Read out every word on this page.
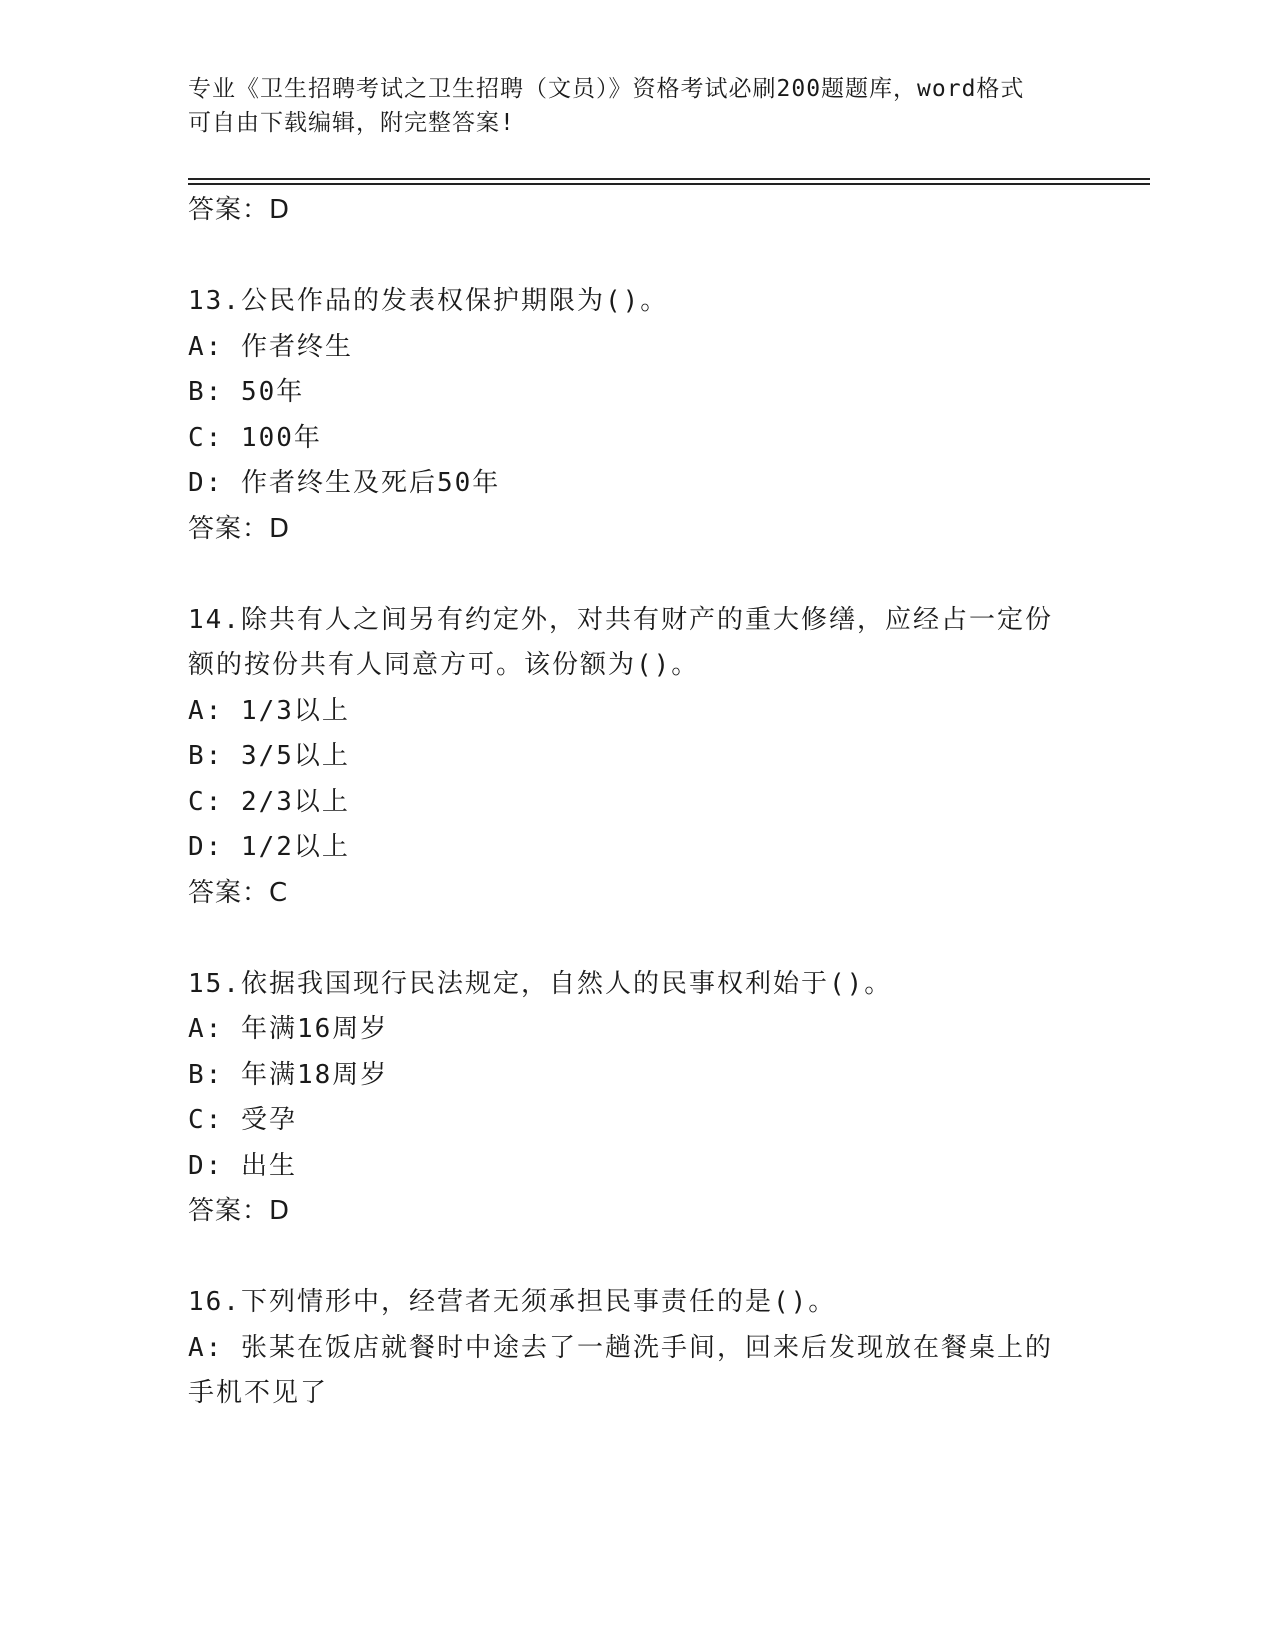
专业《卫生招聘考试之卫生招聘（文员）》资格考试必刷200题题库，word格式
可自由下载编辑，附完整答案!
答案：D
13.公民作品的发表权保护期限为()。
A: 作者终生
B: 50年
C: 100年
D: 作者终生及死后50年
答案：D
14.除共有人之间另有约定外，对共有财产的重大修缮，应经占一定份
额的按份共有人同意方可。该份额为()。
A: 1/3以上
B: 3/5以上
C: 2/3以上
D: 1/2以上
答案：C
15.依据我国现行民法规定，自然人的民事权利始于()。
A: 年满16周岁
B: 年满18周岁
C: 受孕
D: 出生
答案：D
16.下列情形中，经营者无须承担民事责任的是()。
A: 张某在饭店就餐时中途去了一趟洗手间，回来后发现放在餐桌上的
手机不见了
